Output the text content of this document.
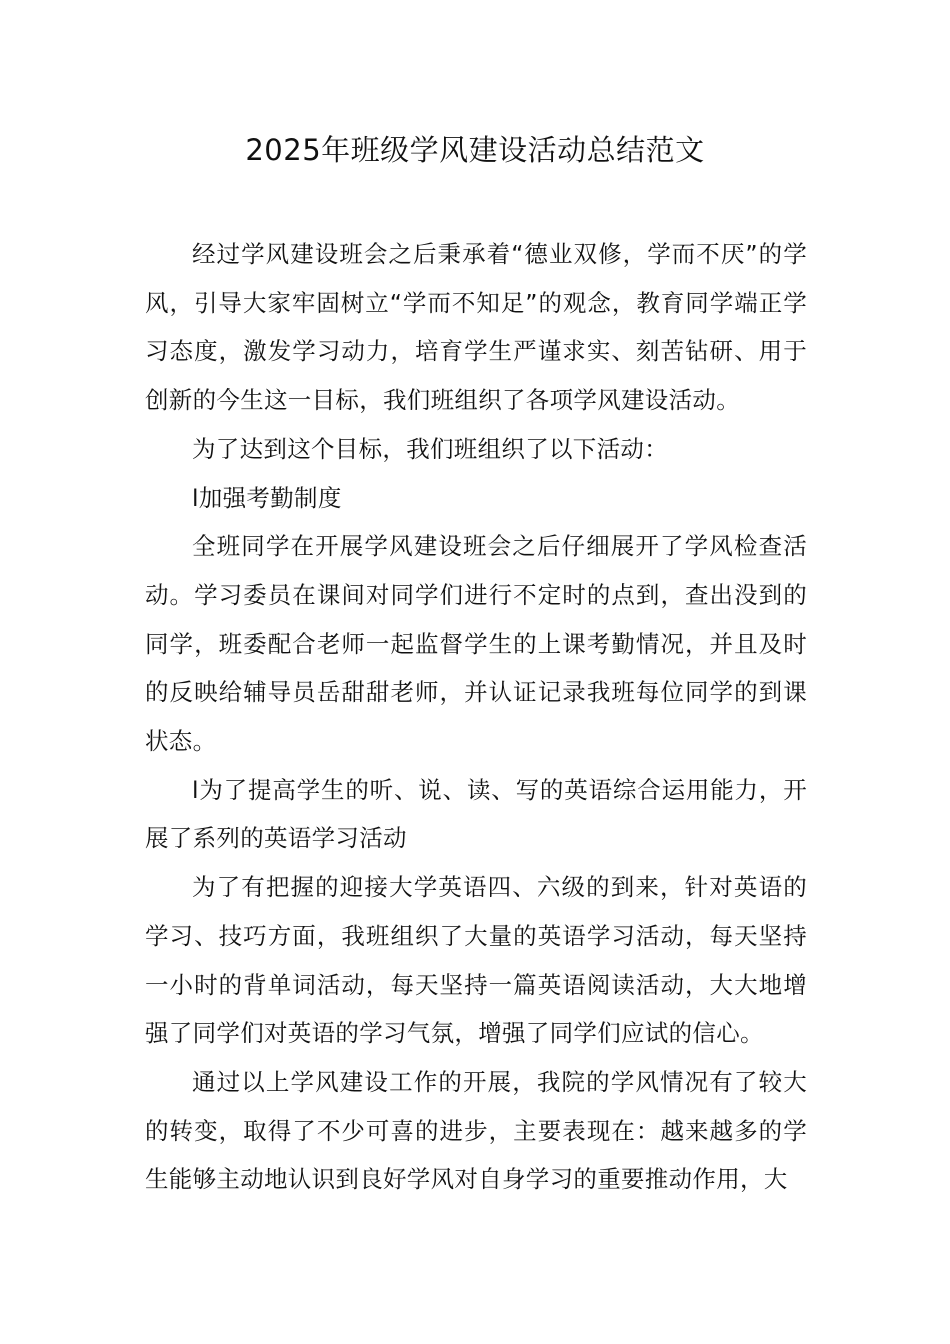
2025年班级学风建设活动总结范文

经过学风建设班会之后秉承着“德业双修，学而不厌”的学风，引导大家牢固树立“学而不知足”的观念，教育同学端正学习态度，激发学习动力，培育学生严谨求实、刻苦钻研、用于创新的今生这一目标，我们班组织了各项学风建设活动。

为了达到这个目标，我们班组织了以下活动：

l加强考勤制度

全班同学在开展学风建设班会之后仔细展开了学风检查活动。学习委员在课间对同学们进行不定时的点到，查出没到的同学，班委配合老师一起监督学生的上课考勤情况，并且及时的反映给辅导员岳甜甜老师，并认证记录我班每位同学的到课状态。

l为了提高学生的听、说、读、写的英语综合运用能力，开展了系列的英语学习活动

为了有把握的迎接大学英语四、六级的到来，针对英语的学习、技巧方面，我班组织了大量的英语学习活动，每天坚持一小时的背单词活动，每天坚持一篇英语阅读活动，大大地增强了同学们对英语的学习气氛，增强了同学们应试的信心。

通过以上学风建设工作的开展，我院的学风情况有了较大的转变，取得了不少可喜的进步，主要表现在：越来越多的学生能够主动地认识到良好学风对自身学习的重要推动作用，大
